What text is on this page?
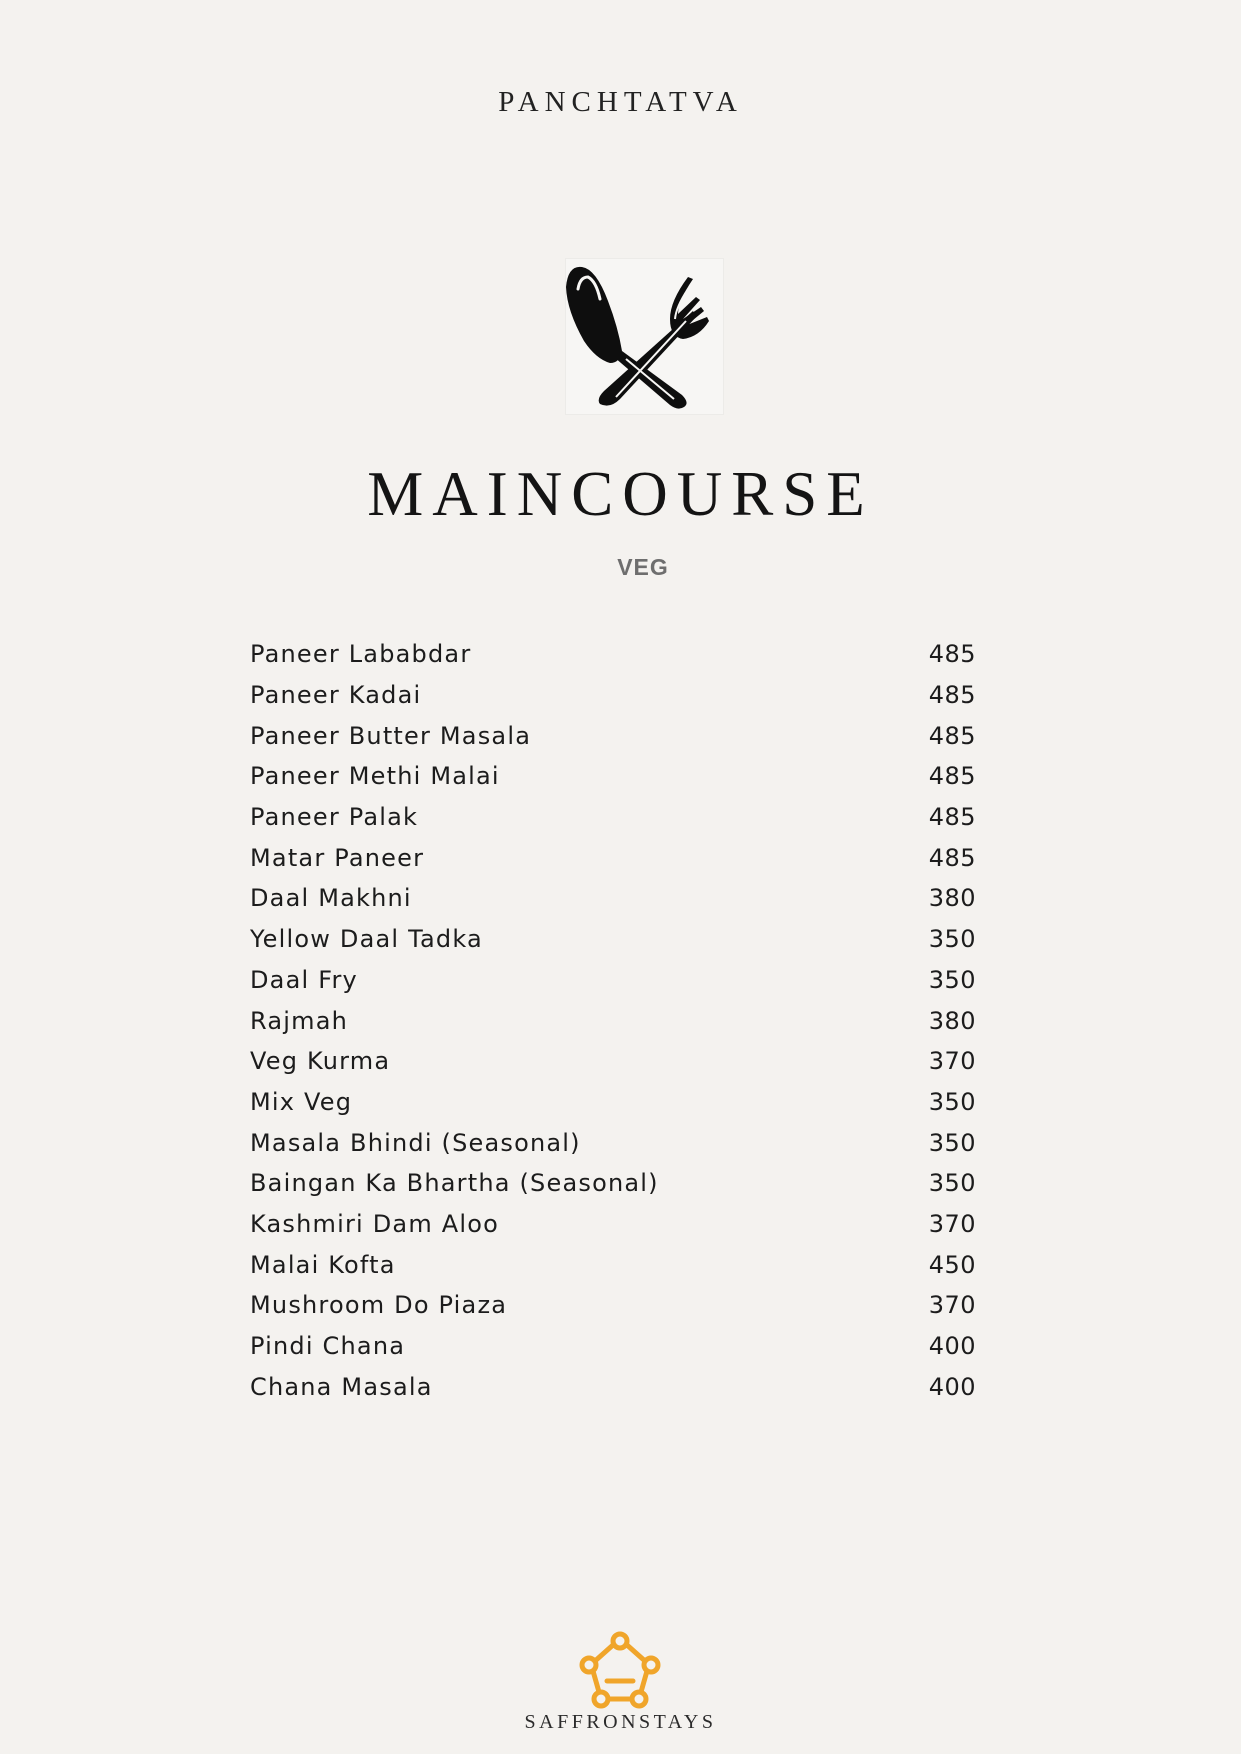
PANCHTATVA
MAINCOURSE
VEG
Paneer Lababdar	485
Paneer Kadai	485
Paneer Butter Masala	485
Paneer Methi Malai	485
Paneer Palak	485
Matar Paneer	485
Daal Makhni	380
Yellow Daal Tadka	350
Daal Fry	350
Rajmah	380
Veg Kurma	370
Mix Veg	350
Masala Bhindi (Seasonal)	350
Baingan Ka Bhartha (Seasonal)	350
Kashmiri Dam Aloo	370
Malai Kofta	450
Mushroom Do Piaza	370
Pindi Chana	400
Chana Masala	400
SAFFRONSTAYS
